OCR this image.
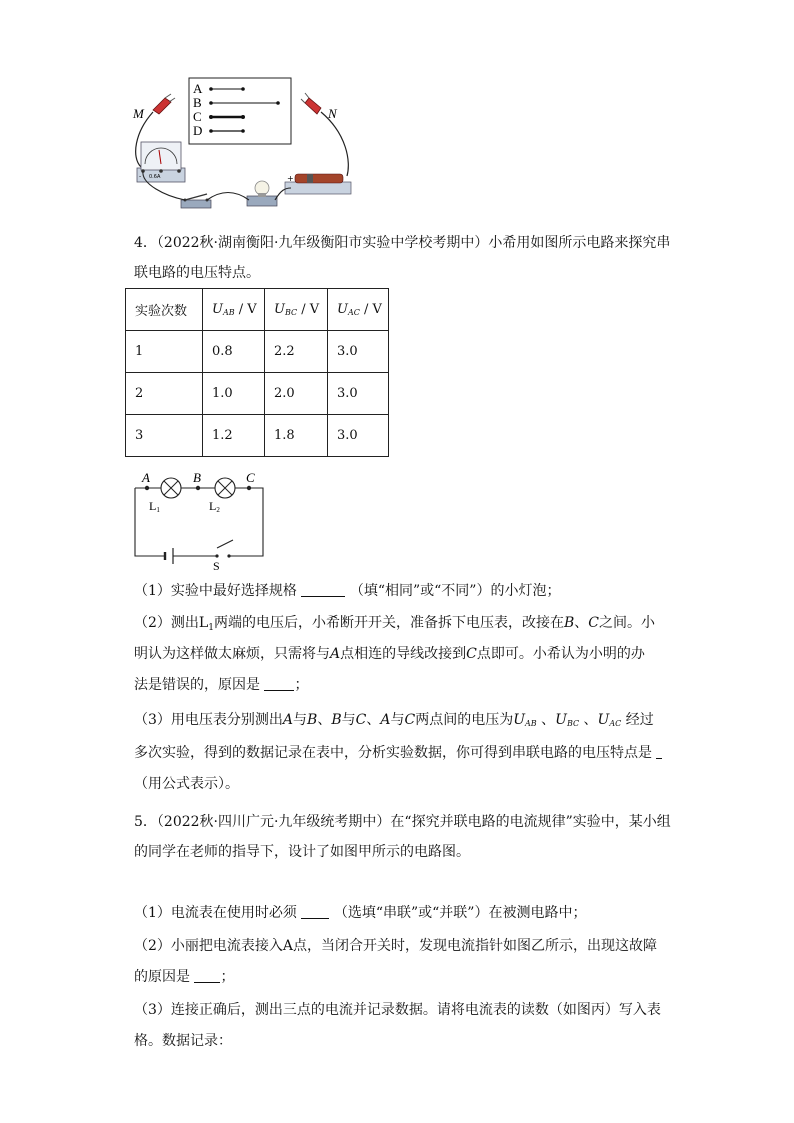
A
B
C
D
M	N
0.6A
-	+
4．（2022秋·湖南衡阳·九年级衡阳市实验中学校考期中）小希用如图所示电路来探究串
联电路的电压特点。
实验次数	$U_{AB}$ / V	$U_{BC}$ / V	$U_{AC}$ / V
1	0.8	2.2	3.0
2	1.0	2.0	3.0
3	1.2	1.8	3.0
A	B	C
L1	L2
S
（1）实验中最好选择规格	（填“相同”或“不同”）的小灯泡；
（2）测出$L_1$两端的电压后，小希断开开关，准备拆下电压表，改接在B、C之间。小
明认为这样做太麻烦，只需将与A点相连的导线改接到C点即可。小希认为小明的办
法是错误的，原因是 ；
（3）用电压表分别测出A与B、B与C、A与C两点间的电压为$U_{AB}$ 、$U_{BC}$ 、$U_{AC}$ 经过
多次实验，得到的数据记录在表中，分析实验数据，你可得到串联电路的电压特点是
（用公式表示）。
5．（2022秋·四川广元·九年级统考期中）在“探究并联电路的电流规律”实验中，某小组
的同学在老师的指导下，设计了如图甲所示的电路图。
（1）电流表在使用时必须	（选填“串联”或“并联”）在被测电路中；
（2）小丽把电流表接入A点，当闭合开关时，发现电流指针如图乙所示，出现这故障
的原因是 ；
（3）连接正确后，测出三点的电流并记录数据。请将电流表的读数（如图丙）写入表
格。数据记录：
